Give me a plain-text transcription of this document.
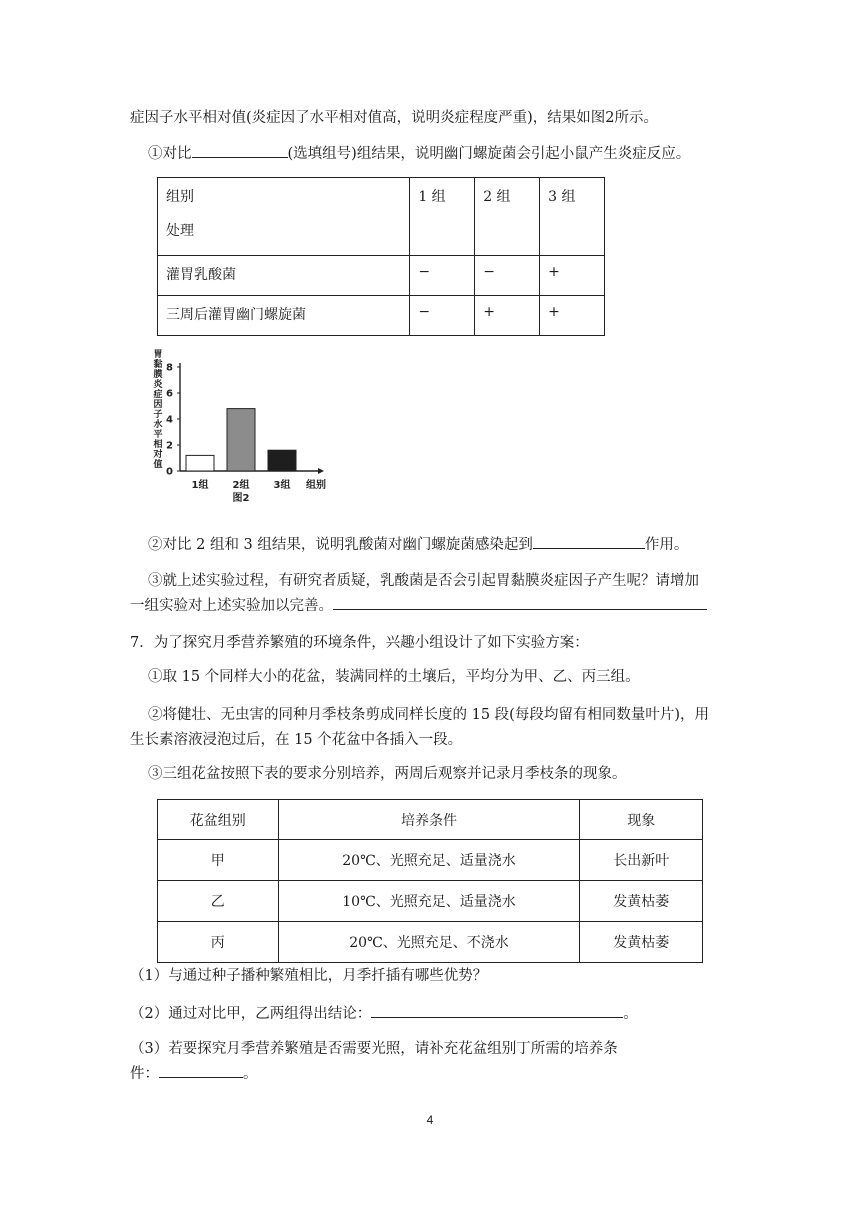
症因子水平相对值(炎症因了水平相对值高，说明炎症程度严重)，结果如图2所示。
①对比	(选填组号)组结果，说明幽门螺旋菌会引起小鼠产生炎症反应。
组别
处理	1 组	2 组	3 组
灌胃乳酸菌	−	−	+
三周后灌胃幽门螺旋菌	−	+	+
胃
黏
膜
炎
症
因
子
水
平
相
对
值
0
2
4
6
8
1组 2组 3组 组别
图2
②对比 2 组和 3 组结果，说明乳酸菌对幽门螺旋菌感染起到	作用。
③就上述实验过程，有研究者质疑，乳酸菌是否会引起胃黏膜炎症因子产生呢？请增加
一组实验对上述实验加以完善。
7．为了探究月季营养繁殖的环境条件，兴趣小组设计了如下实验方案：
①取 15 个同样大小的花盆，装满同样的土壤后，平均分为甲、乙、丙三组。
②将健壮、无虫害的同种月季枝条剪成同样长度的 15 段(每段均留有相同数量叶片)，用
生长素溶液浸泡过后，在 15 个花盆中各插入一段。
③三组花盆按照下表的要求分别培养，两周后观察并记录月季枝条的现象。
花盆组别	培养条件	现象
甲	20℃、光照充足、适量浇水	长出新叶
乙	10℃、光照充足、适量浇水	发黄枯萎
丙	20℃、光照充足、不浇水	发黄枯萎
（1）与通过种子播种繁殖相比，月季扦插有哪些优势？
（2）通过对比甲，乙两组得出结论：	。
（3）若要探究月季营养繁殖是否需要光照，请补充花盆组别丁所需的培养条
件：	。
4
